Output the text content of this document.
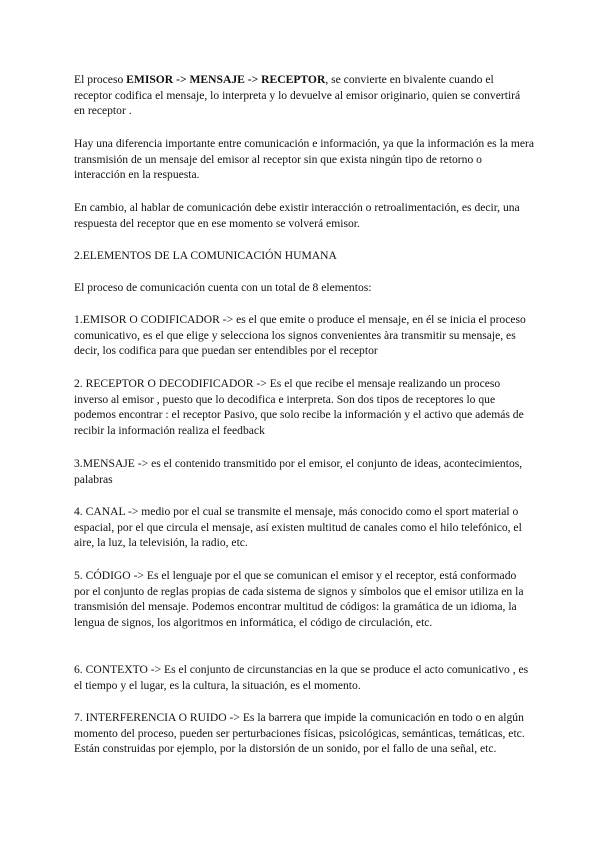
El proceso EMISOR -> MENSAJE -> RECEPTOR, se convierte en bivalente cuando el receptor codifica el mensaje, lo interpreta y lo devuelve al emisor originario, quien se convertirá en receptor .

Hay una diferencia importante entre comunicación e información, ya que la información es la mera transmisión de un mensaje del emisor al receptor sin que exista ningún tipo de retorno o interacción en la respuesta.

En cambio, al hablar de comunicación debe existir interacción o retroalimentación, es decir, una respuesta del receptor que en ese momento se volverá emisor.

2.ELEMENTOS DE LA COMUNICACIÓN HUMANA

El proceso de comunicación cuenta con un total de 8 elementos:

1.EMISOR O CODIFICADOR -> es el que emite o produce el mensaje, en él se inicia el proceso comunicativo, es el que elige y selecciona los signos convenientes àra transmitir su mensaje, es decir, los codifica para que puedan ser entendibles por el receptor

2. RECEPTOR O DECODIFICADOR -> Es el que recibe el mensaje realizando un proceso inverso al emisor , puesto que lo decodifica e interpreta. Son dos tipos de receptores lo que podemos encontrar : el receptor Pasivo, que solo recibe la información y el activo que además de recibir la información realiza el feedback

3.MENSAJE -> es el contenido transmitido por el emisor, el conjunto de ideas, acontecimientos, palabras

4. CANAL -> medio por el cual se transmite el mensaje, más conocido como el sport material o espacial, por el que circula el mensaje, así existen multitud de canales como el hilo telefónico, el aire, la luz, la televisión, la radio, etc.

5. CÓDIGO -> Es el lenguaje por el que se comunican el emisor y el receptor, está conformado por el conjunto de reglas propias de cada sistema de signos y símbolos que el emisor utiliza en la transmisión del mensaje. Podemos encontrar multitud de códigos: la gramática de un idioma, la lengua de signos, los algoritmos en informática, el código de circulación, etc.

6. CONTEXTO -> Es el conjunto de circunstancias en la que se produce el acto comunicativo , es el tiempo y el lugar, es la cultura, la situación, es el momento.

7. INTERFERENCIA O RUIDO -> Es la barrera que impide la comunicación en todo o en algún momento del proceso, pueden ser perturbaciones físicas, psicológicas, semánticas, temáticas, etc. Están construidas por ejemplo, por la distorsión de un sonido, por el fallo de una señal, etc.
